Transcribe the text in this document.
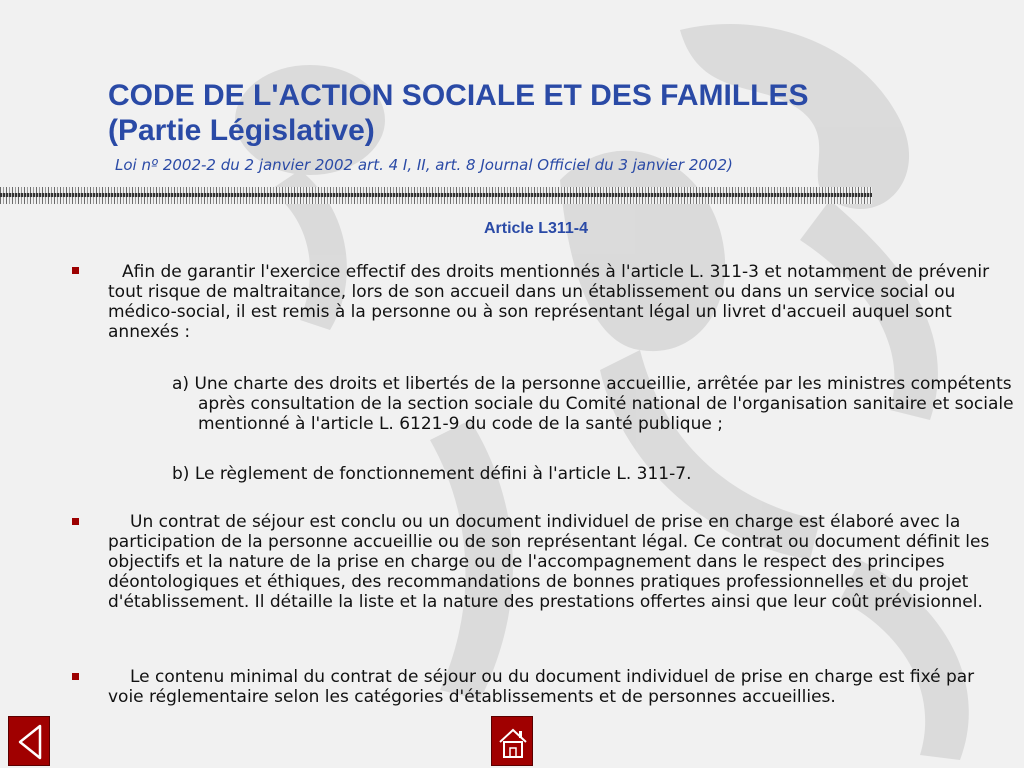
CODE DE L'ACTION SOCIALE ET DES FAMILLES
(Partie Législative)
Loi nº 2002-2 du 2 janvier 2002 art. 4 I, II, art. 8 Journal Officiel du 3 janvier 2002)
Article L311-4
Afin de garantir l'exercice effectif des droits mentionnés à l'article L. 311-3 et notamment de prévenir tout risque de maltraitance, lors de son accueil dans un établissement ou dans un service social ou médico-social, il est remis à la personne ou à son représentant légal un livret d'accueil auquel sont annexés :
a) Une charte des droits et libertés de la personne accueillie, arrêtée par les ministres compétents après consultation de la section sociale du Comité national de l'organisation sanitaire et sociale mentionné à l'article L. 6121-9 du code de la santé publique ;
b) Le règlement de fonctionnement défini à l'article L. 311-7.
Un contrat de séjour est conclu ou un document individuel de prise en charge est élaboré avec la participation de la personne accueillie ou de son représentant légal. Ce contrat ou document définit les objectifs et la nature de la prise en charge ou de l'accompagnement dans le respect des principes déontologiques et éthiques, des recommandations de bonnes pratiques professionnelles et du projet d'établissement. Il détaille la liste et la nature des prestations offertes ainsi que leur coût prévisionnel.
Le contenu minimal du contrat de séjour ou du document individuel de prise en charge est fixé par voie réglementaire selon les catégories d'établissements et de personnes accueillies.
